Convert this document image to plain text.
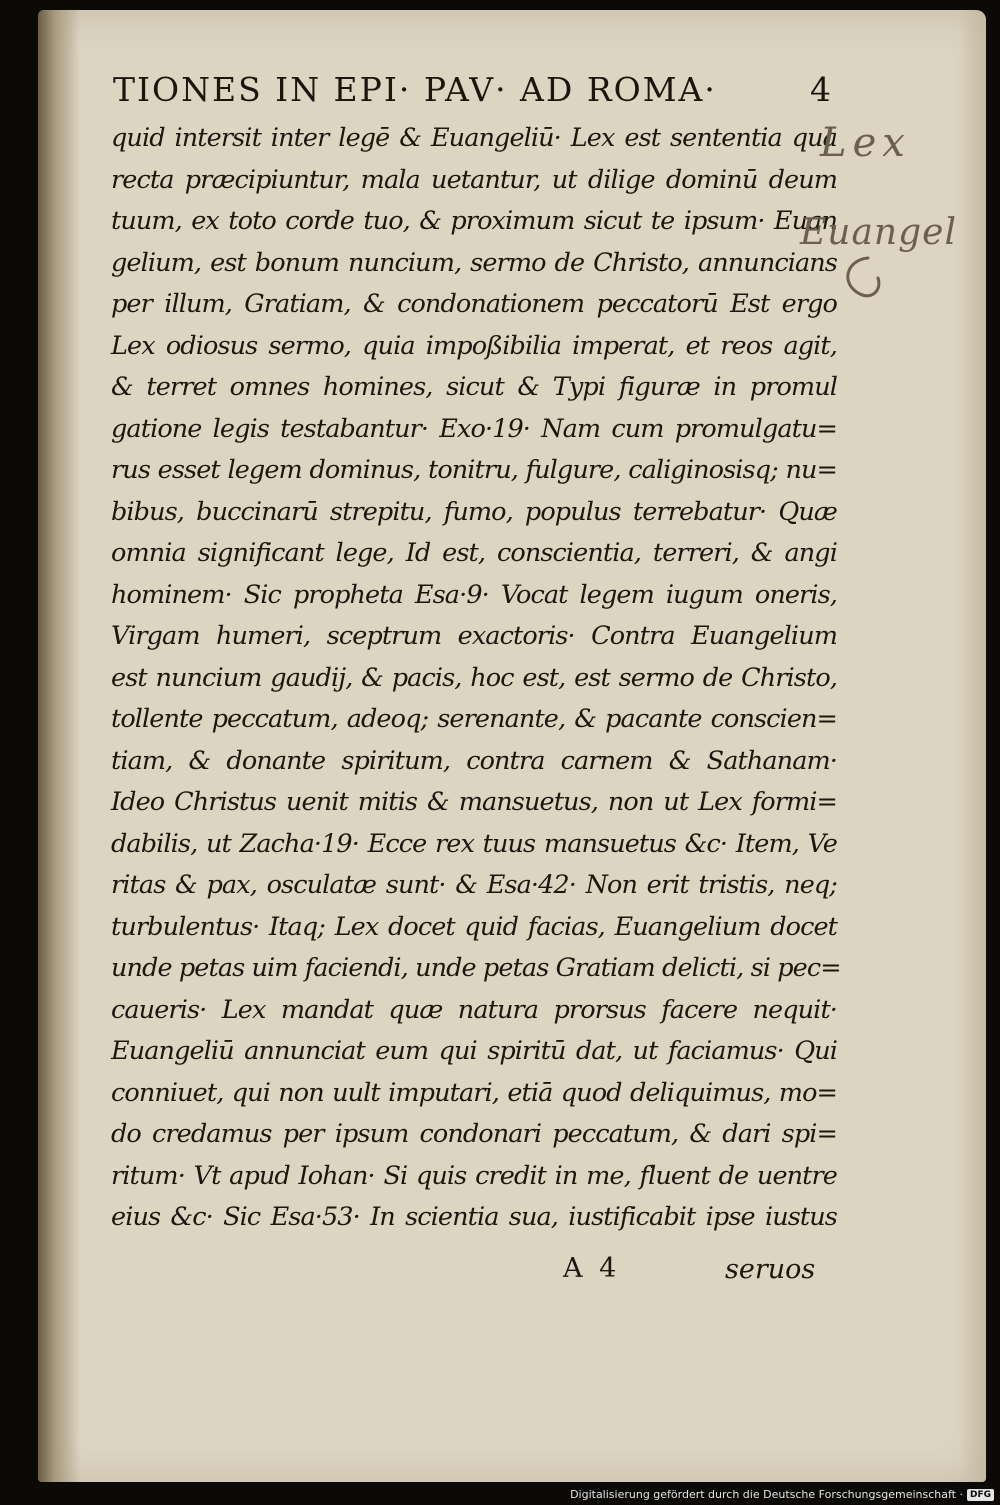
TIONES IN EPI· PAV· AD ROMA·	4
quid intersit inter legē & Euangeliū· Lex est sententia qua
recta præcipiuntur, mala uetantur, ut dilige dominū deum
tuum, ex toto corde tuo, & proximum sicut te ipsum· Euan
gelium, est bonum nuncium, sermo de Christo, annuncians
per illum, Gratiam, & condonationem peccatorū Est ergo
Lex odiosus sermo, quia impoßibilia imperat, et reos agit,
& terret omnes homines, sicut & Typi figuræ in promul
gatione legis testabantur· Exo·19· Nam cum promulgatu=
rus esset legem dominus, tonitru, fulgure, caliginosisq; nu=
bibus, buccinarū strepitu, fumo, populus terrebatur· Quæ
omnia significant lege, Id est, conscientia, terreri, & angi
hominem· Sic propheta Esa·9· Vocat legem iugum oneris,
Virgam humeri, sceptrum exactoris· Contra Euangelium
est nuncium gaudij, & pacis, hoc est, est sermo de Christo,
tollente peccatum, adeoq; serenante, & pacante conscien=
tiam, & donante spiritum, contra carnem & Sathanam·
Ideo Christus uenit mitis & mansuetus, non ut Lex formi=
dabilis, ut Zacha·19· Ecce rex tuus mansuetus &c· Item, Ve
ritas & pax, osculatæ sunt· & Esa·42· Non erit tristis, neq;
turbulentus· Itaq; Lex docet quid facias, Euangelium docet
unde petas uim faciendi, unde petas Gratiam delicti, si pec=
caueris· Lex mandat quæ natura prorsus facere nequit·
Euangeliū annunciat eum qui spiritū dat, ut faciamus· Qui
conniuet, qui non uult imputari, etiā quod deliquimus, mo=
do credamus per ipsum condonari peccatum, & dari spi=
ritum· Vt apud Iohan· Si quis credit in me, fluent de uentre
eius &c· Sic Esa·53· In scientia sua, iustificabit ipse iustus
A 4	seruos
Lex
Euangel
Digitalisierung gefördert durch die Deutsche Forschungsgemeinschaft · DFG
